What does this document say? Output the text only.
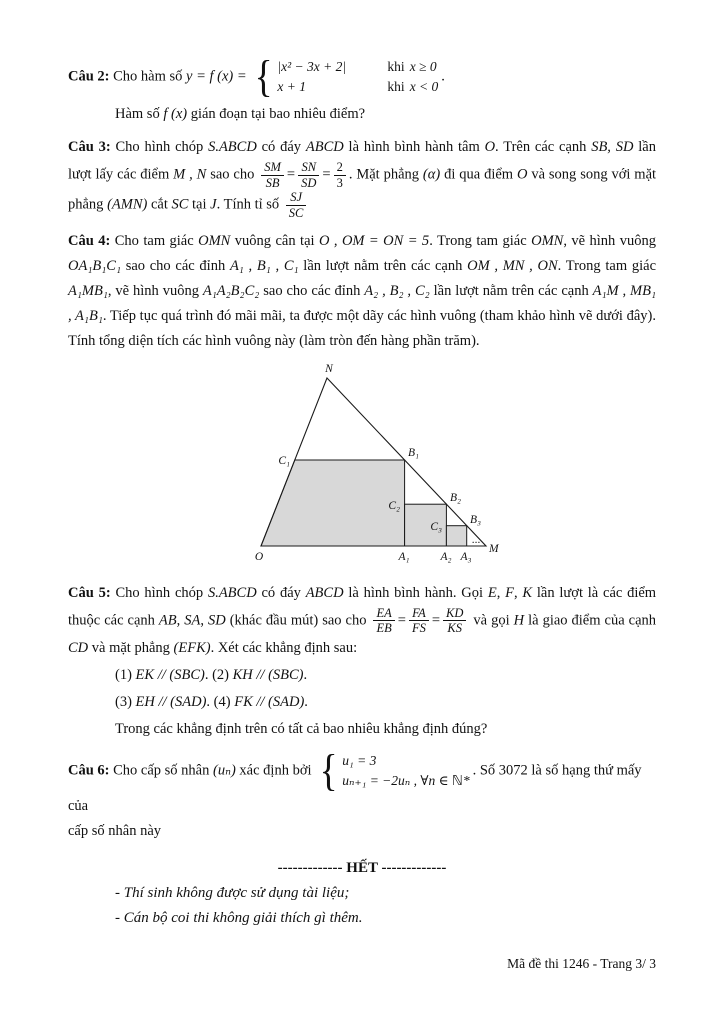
Câu 2: Cho hàm số y = f (x) = { |x² − 3x + 2|	khi x ≥ 0
x + 1	khi x < 0
.

Hàm số f (x) gián đoạn tại bao nhiêu điểm?

Câu 3: Cho hình chóp S.ABCD có đáy ABCD là hình bình hành tâm O. Trên các cạnh SB, SD lần lượt lấy các điểm M , N sao cho $\frac{SM}{SB} = \frac{SN}{SD} = \frac{2}{3}$ . Mặt phẳng (α) đi qua điểm O và song song với mặt phẳng (AMN) cắt SC tại J. Tính tỉ số $\frac{SJ}{SC}$

Câu 4: Cho tam giác OMN vuông cân tại O , OM = ON = 5. Trong tam giác OMN, vẽ hình vuông OA₁B₁C₁ sao cho các đỉnh A₁ , B₁ , C₁ lần lượt nằm trên các cạnh OM , MN , ON. Trong tam giác A₁MB₁, vẽ hình vuông A₁A₂B₂C₂ sao cho các đỉnh A₂ , B₂ , C₂ lần lượt nằm trên các cạnh A₁M , MB₁ , A₁B₁. Tiếp tục quá trình đó mãi mãi, ta được một dãy các hình vuông (tham khảo hình vẽ dưới đây). Tính tổng diện tích các hình vuông này (làm tròn đến hàng phần trăm).

N
C₁
B₁
C₂
B₂
C₃
B₃
O	A₁	A₂ A₃
...
M

Câu 5: Cho hình chóp S.ABCD có đáy ABCD là hình bình hành. Gọi E, F, K lần lượt là các điểm thuộc các cạnh AB, SA, SD (khác đầu mút) sao cho $\frac{EA}{EB} = \frac{FA}{FS} = \frac{KD}{KS}$ và gọi H là giao điểm của cạnh CD và mặt phẳng (EFK). Xét các khẳng định sau:

(1) EK // (SBC). (2) KH // (SBC).

(3) EH // (SAD). (4) FK // (SAD).

Trong các khẳng định trên có tất cả bao nhiêu khẳng định đúng?

Câu 6: Cho cấp số nhân (uₙ) xác định bởi { u₁ = 3
uₙ₊₁ = −2uₙ , ∀n ∈ ℕ*
. Số 3072 là số hạng thứ mấy của

cấp số nhân này

------------- HẾT -------------

- Thí sinh không được sử dụng tài liệu;

- Cán bộ coi thi không giải thích gì thêm.

Mã đề thi 1246 - Trang 3/ 3
